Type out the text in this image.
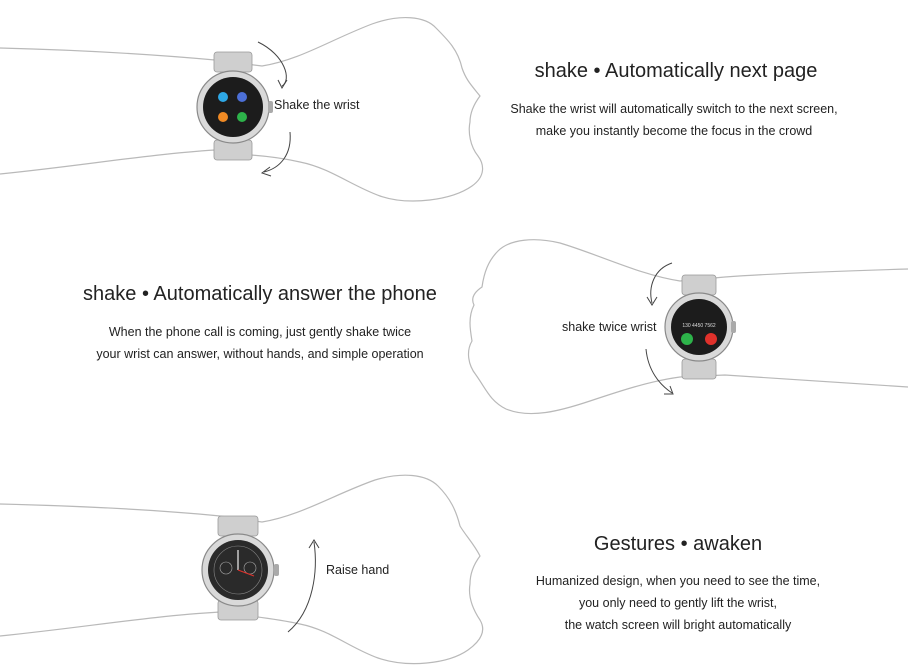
Shake the wrist
shake • Automatically next page
Shake the wrist will automatically switch to the next screen,
make you instantly become the focus in the crowd
130 4450 7562
shake twice wrist
shake • Automatically answer the phone
When the phone call is coming, just gently shake twice
your wrist can answer, without hands, and simple operation
Raise hand
Gestures • awaken
Humanized design, when you need to see the time,
you only need to gently lift the wrist,
the watch screen will bright automatically
